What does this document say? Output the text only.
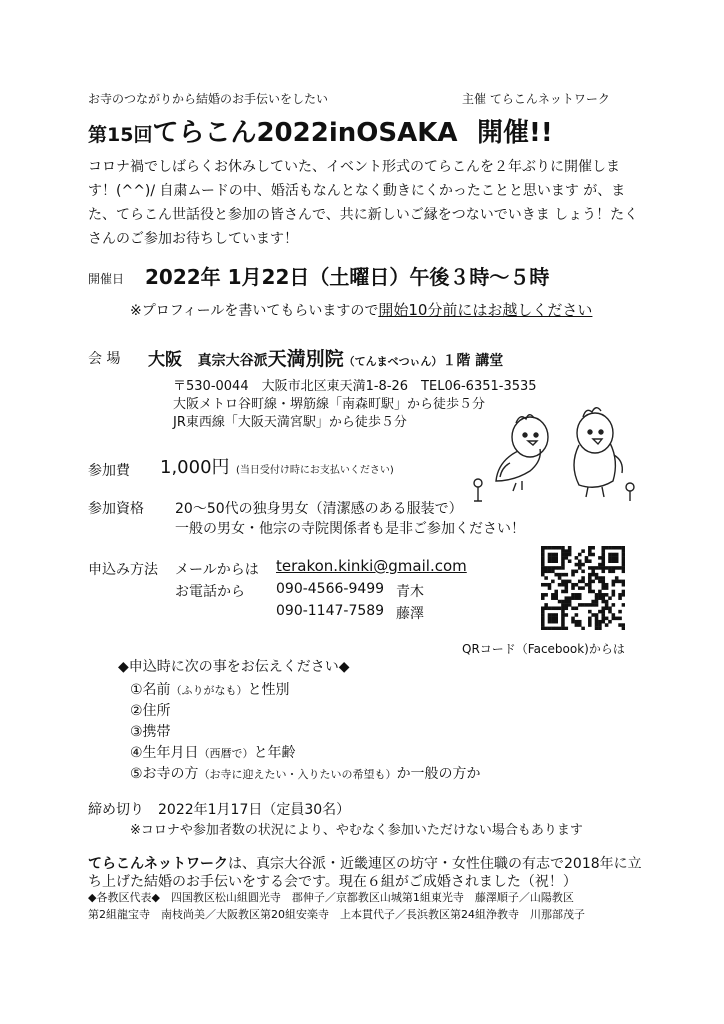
お寺のつながりから結婚のお手伝いをしたい	主催 てらこんネットワーク
第15回てらこん2022inOSAKA 開催!!
コロナ禍でしばらくお休みしていた、イベント形式のてらこんを２年ぶりに開催しま す！(^^)/ 自粛ムードの中、婚活もなんとなく動きにくかったことと思います が、また、てらこん世話役と参加の皆さんで、共に新しいご縁をつないでいきま しょう！たくさんのご参加お待ちしています！
開催日 2022年 1月22日（土曜日）午後３時～５時
※プロフィールを書いてもらいますので開始10分前にはお越しください
会 場 大阪 真宗大谷派天満別院（てんまべつぃん）１階 講堂
〒530-0044　大阪市北区東天満1-8-26　TEL06-6351-3535
大阪メトロ谷町線・堺筋線「南森町駅」から徒歩５分
JR東西線「大阪天満宮駅」から徒歩５分
参加費 1,000円 (当日受付け時にお支払いください)
参加資格 20～50代の独身男女（清潔感のある服装で）
一般の男女・他宗の寺院関係者も是非ご参加ください！
申込み方法 メールからは terakon.kinki@gmail.com
お電話から 090-4566-9499 青木
090-1147-7589 藤澤
QRコード（Facebook)からは
◆申込時に次の事をお伝えください◆
①名前（ふりがなも）と性別
②住所
③携帯
④生年月日（西暦で）と年齢
⑤お寺の方（お寺に迎えたい・入りたいの希望も）か一般の方か
締め切り　2022年1月17日（定員30名）
※コロナや参加者数の状況により、やむなく参加いただけない場合もあります
てらこんネットワークは、真宗大谷派・近畿連区の坊守・女性住職の有志で2018年に立
ち上げた結婚のお手伝いをする会です。現在６組がご成婚されました（祝！）
◆各教区代表◆　四国教区松山組圓光寺　郡伸子／京都教区山城第1組東光寺　藤澤順子／山陽教区
第2組龍宝寺　南枝尚美／大阪教区第20組安楽寺　上本貫代子／長浜教区第24組浄教寺　川那部茂子
